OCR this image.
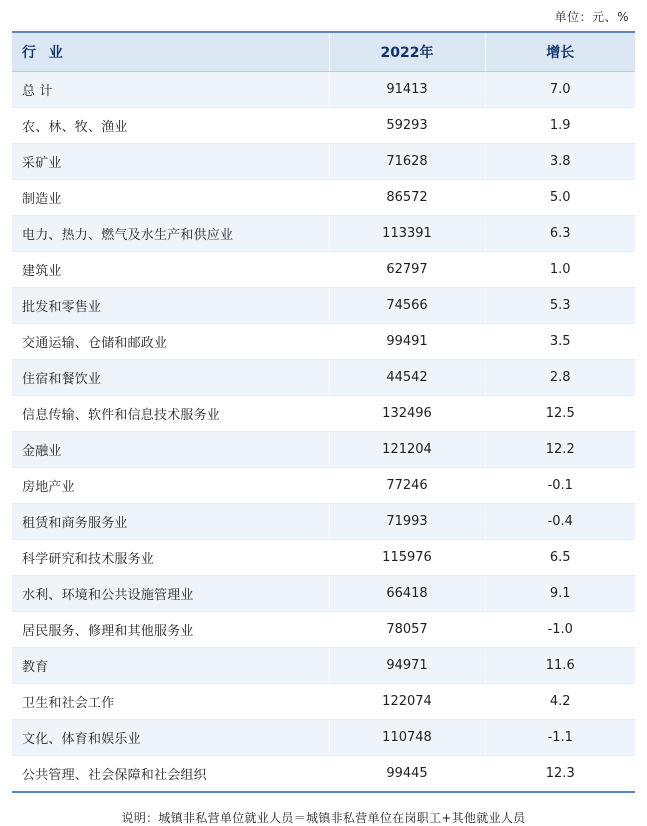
单位：元、%
行 业	2022年	增长
总 计	91413	7.0
农、林、牧、渔业	59293	1.9
采矿业	71628	3.8
制造业	86572	5.0
电力、热力、燃气及水生产和供应业	113391	6.3
建筑业	62797	1.0
批发和零售业	74566	5.3
交通运输、仓储和邮政业	99491	3.5
住宿和餐饮业	44542	2.8
信息传输、软件和信息技术服务业	132496	12.5
金融业	121204	12.2
房地产业	77246	-0.1
租赁和商务服务业	71993	-0.4
科学研究和技术服务业	115976	6.5
水利、环境和公共设施管理业	66418	9.1
居民服务、修理和其他服务业	78057	-1.0
教育	94971	11.6
卫生和社会工作	122074	4.2
文化、体育和娱乐业	110748	-1.1
公共管理、社会保障和社会组织	99445	12.3
说明：城镇非私营单位就业人员＝城镇非私营单位在岗职工+其他就业人员
